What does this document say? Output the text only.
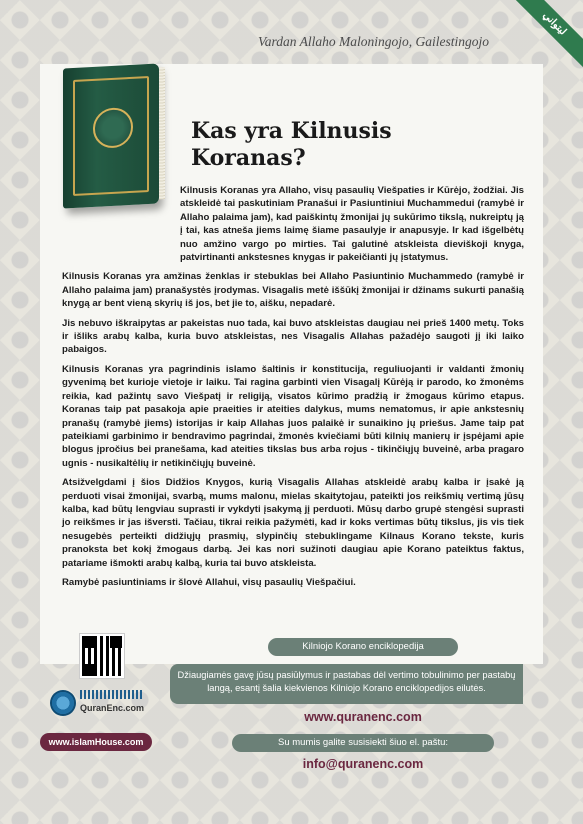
ليتواني
Vardan Allaho Maloningojo, Gailestingojo
Kas yra Kilnusis Koranas?

Kilnusis Koranas yra Allaho, visų pasaulių Viešpaties ir Kūrėjo, žodžiai. Jis atskleidė tai paskutiniam Pranašui ir Pasiuntiniui Muchammedui (ramybė ir Allaho palaima jam), kad paiškintų žmonijai jų sukūrimo tikslą, nukreiptų ją į tai, kas atneša jiems laimę šiame pasaulyje ir anapusyje. Ir kad išgelbėtų nuo amžino vargo po mirties. Tai galutinė atskleista dieviškoji knyga, patvirtinanti ankstesnes knygas ir pakeičianti jų įstatymus.

Kilnusis Koranas yra amžinas ženklas ir stebuklas bei Allaho Pasiuntinio Muchammedo (ramybė ir Allaho palaima jam) pranašystės įrodymas. Visagalis metė iššūkį žmonijai ir džinams sukurti panašią knygą ar bent vieną skyrių iš jos, bet jie to, aišku, nepadarė.

Jis nebuvo iškraipytas ar pakeistas nuo tada, kai buvo atskleistas daugiau nei prieš 1400 metų. Toks ir išliks arabų kalba, kuria buvo atskleistas, nes Visagalis Allahas pažadėjo saugoti jį iki laiko pabaigos.

Kilnusis Koranas yra pagrindinis islamo šaltinis ir konstitucija, reguliuojanti ir valdanti žmonių gyvenimą bet kurioje vietoje ir laiku. Tai ragina garbinti vien Visagalį Kūrėją ir parodo, ko žmonėms reikia, kad pažintų savo Viešpatį ir religiją, visatos kūrimo pradžią ir žmogaus kūrimo etapus. Koranas taip pat pasakoja apie praeities ir ateities dalykus, mums nematomus, ir apie ankstesnių pranašų (ramybė jiems) istorijas ir kaip Allahas juos palaikė ir sunaikino jų priešus. Jame taip pat pateikiami garbinimo ir bendravimo pagrindai, žmonės kviečiami būti kilnių manierų ir įspėjami apie blogus įpročius bei pranešama, kad ateities tikslas bus arba rojus - tikinčiųjų buveinė, arba pragaro ugnis - nusikaltėlių ir netikinčiųjų buveinė.

Atsižvelgdami į šios Didžios Knygos, kurią Visagalis Allahas atskleidė arabų kalba ir įsakė ją perduoti visai žmonijai, svarbą, mums malonu, mielas skaitytojau, pateikti jos reikšmių vertimą jūsų kalba, kad būtų lengviau suprasti ir vykdyti įsakymą jį perduoti. Mūsų darbo grupė stengėsi suprasti jo reikšmes ir jas išversti. Tačiau, tikrai reikia pažymėti, kad ir koks vertimas būtų tikslus, jis vis tiek nesugebės perteikti didžiųjų prasmių, slypinčių stebuklingame Kilnaus Korano tekste, kuris pranoksta bet kokį žmogaus darbą. Jei kas nori sužinoti daugiau apie Korano pateiktus faktus, patariame išmokti arabų kalbą, kuria tai buvo atskleista.

Ramybė pasiuntiniams ir šlovė Allahui, visų pasaulių Viešpačiui.

QuranEnc.com
www.islamHouse.com
Kilniojo Korano enciklopedija
Džiaugiamės gavę jūsų pasiūlymus ir pastabas dėl vertimo tobulinimo per pastabų langą, esantį šalia kiekvienos Kilniojo Korano enciklopedijos eilutės.
www.quranenc.com
Su mumis galite susisiekti šiuo el. paštu:
info@quranenc.com
